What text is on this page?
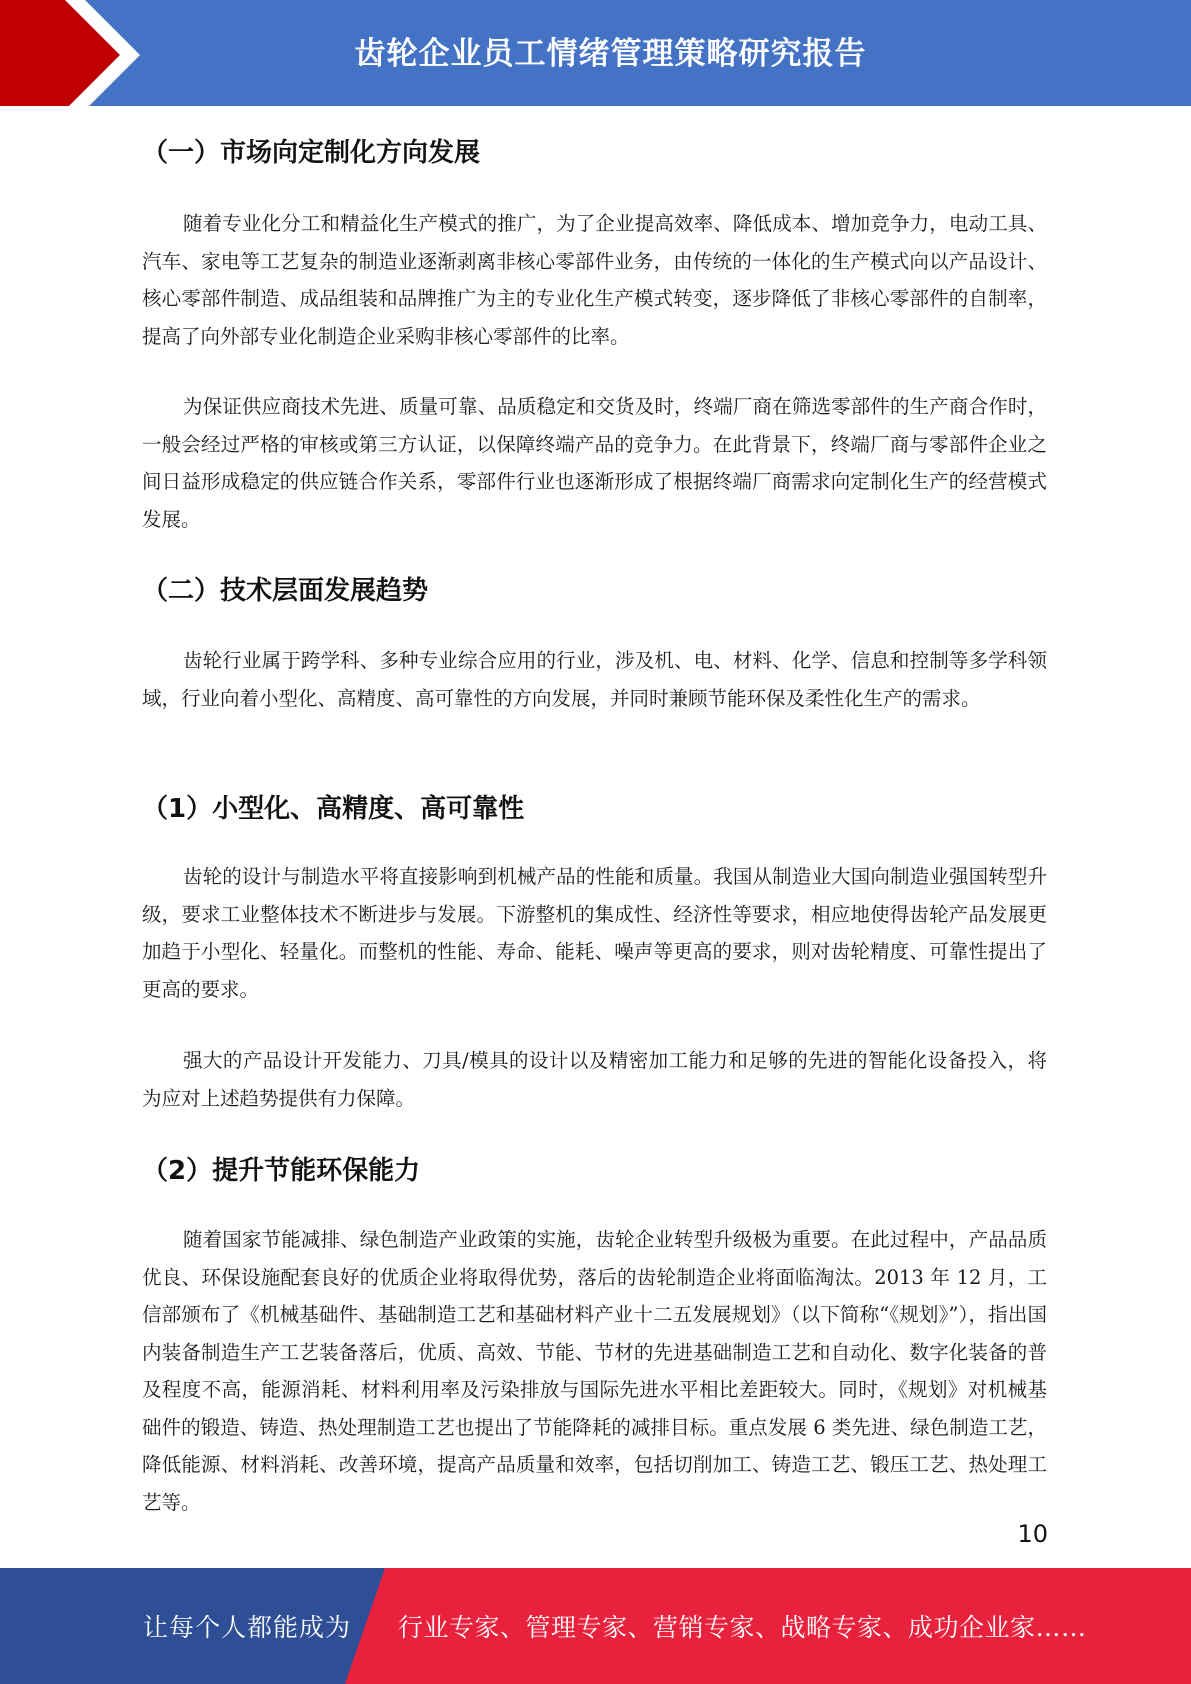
齿轮企业员工情绪管理策略研究报告
（一）市场向定制化方向发展

随着专业化分工和精益化生产模式的推广，为了企业提高效率、降低成本、增加竞争力，电动工具、汽车、家电等工艺复杂的制造业逐渐剥离非核心零部件业务，由传统的一体化的生产模式向以产品设计、核心零部件制造、成品组装和品牌推广为主的专业化生产模式转变，逐步降低了非核心零部件的自制率，提高了向外部专业化制造企业采购非核心零部件的比率。

为保证供应商技术先进、质量可靠、品质稳定和交货及时，终端厂商在筛选零部件的生产商合作时，一般会经过严格的审核或第三方认证，以保障终端产品的竞争力。在此背景下，终端厂商与零部件企业之间日益形成稳定的供应链合作关系，零部件行业也逐渐形成了根据终端厂商需求向定制化生产的经营模式发展。

（二）技术层面发展趋势

齿轮行业属于跨学科、多种专业综合应用的行业，涉及机、电、材料、化学、信息和控制等多学科领域，行业向着小型化、高精度、高可靠性的方向发展，并同时兼顾节能环保及柔性化生产的需求。

（1）小型化、高精度、高可靠性

齿轮的设计与制造水平将直接影响到机械产品的性能和质量。我国从制造业大国向制造业强国转型升级，要求工业整体技术不断进步与发展。下游整机的集成性、经济性等要求，相应地使得齿轮产品发展更加趋于小型化、轻量化。而整机的性能、寿命、能耗、噪声等更高的要求，则对齿轮精度、可靠性提出了更高的要求。

强大的产品设计开发能力、刀具/模具的设计以及精密加工能力和足够的先进的智能化设备投入，将为应对上述趋势提供有力保障。

（2）提升节能环保能力

随着国家节能减排、绿色制造产业政策的实施，齿轮企业转型升级极为重要。在此过程中，产品品质优良、环保设施配套良好的优质企业将取得优势，落后的齿轮制造企业将面临淘汰。2013 年 12 月，工信部颁布了《机械基础件、基础制造工艺和基础材料产业十二五发展规划》（以下简称“《规划》”），指出国内装备制造生产工艺装备落后，优质、高效、节能、节材的先进基础制造工艺和自动化、数字化装备的普及程度不高，能源消耗、材料利用率及污染排放与国际先进水平相比差距较大。同时，《规划》对机械基础件的锻造、铸造、热处理制造工艺也提出了节能降耗的减排目标。重点发展 6 类先进、绿色制造工艺，降低能源、材料消耗、改善环境，提高产品质量和效率，包括切削加工、铸造工艺、锻压工艺、热处理工艺等。

10
让每个人都能成为 行业专家、管理专家、营销专家、战略专家、成功企业家……
